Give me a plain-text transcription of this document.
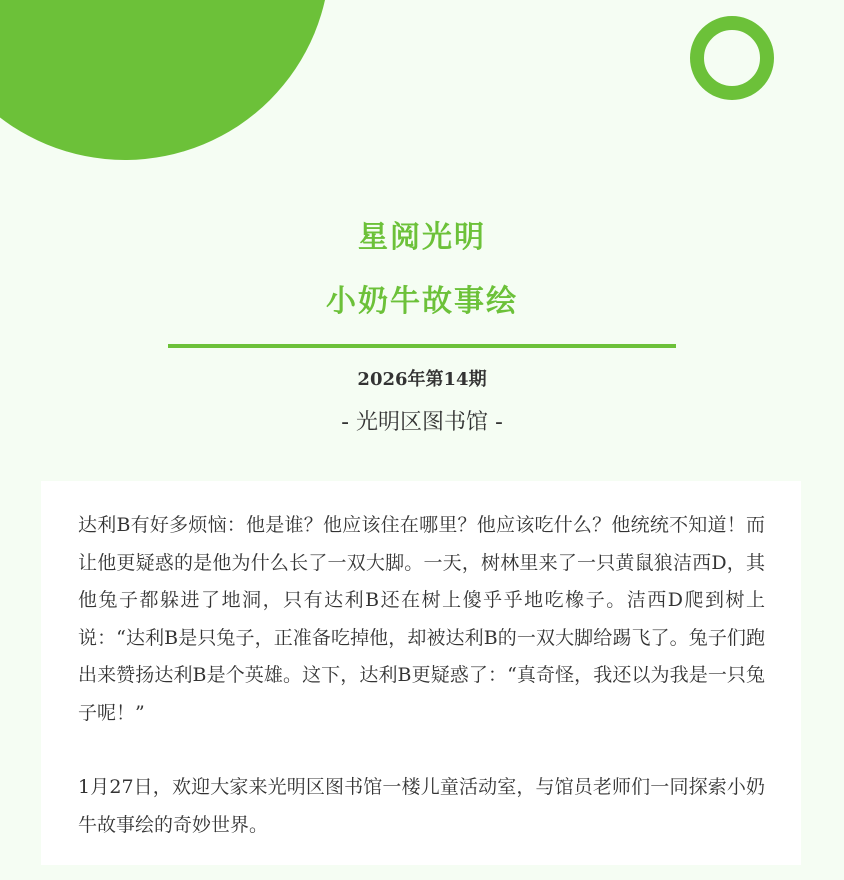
星阅光明
小奶牛故事绘
2026年第14期
- 光明区图书馆 -

达利B有好多烦恼：他是谁？他应该住在哪里？他应该吃什么？他统统不知道！而让他更疑惑的是他为什么长了一双大脚。一天，树林里来了一只黄鼠狼洁西D，其他兔子都躲进了地洞，只有达利B还在树上傻乎乎地吃橡子。洁西D爬到树上说：“达利B是只兔子，正准备吃掉他，却被达利B的一双大脚给踢飞了。兔子们跑出来赞扬达利B是个英雄。这下，达利B更疑惑了：“真奇怪，我还以为我是一只兔子呢！”

1月27日，欢迎大家来光明区图书馆一楼儿童活动室，与馆员老师们一同探索小奶牛故事绘的奇妙世界。
